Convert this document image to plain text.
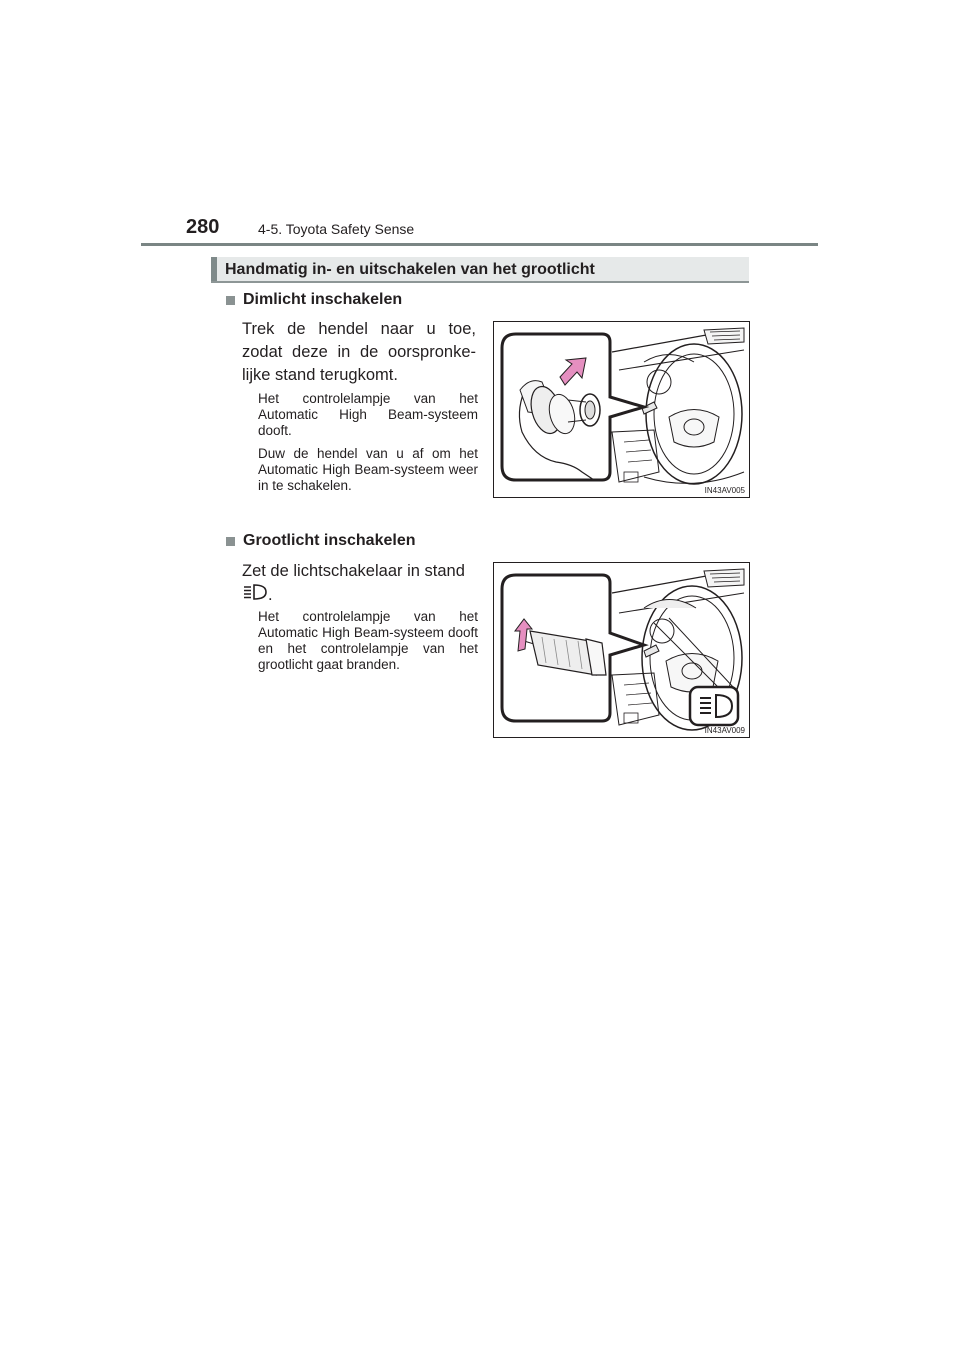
280	4-5. Toyota Safety Sense
Handmatig in- en uitschakelen van het grootlicht
Dimlicht inschakelen
Trek de hendel naar u toe, zodat deze in de oorspronke-lijke stand terugkomt.
Het controlelampje van het Automatic High Beam-systeem dooft.
Duw de hendel van u af om het Automatic High Beam-systeem weer in te schakelen.	IN43AV005
Grootlicht inschakelen
Zet de lichtschakelaar in stand
.
Het controlelampje van het Automatic High Beam-systeem dooft en het controlelampje van het grootlicht gaat branden.
IN43AV009
